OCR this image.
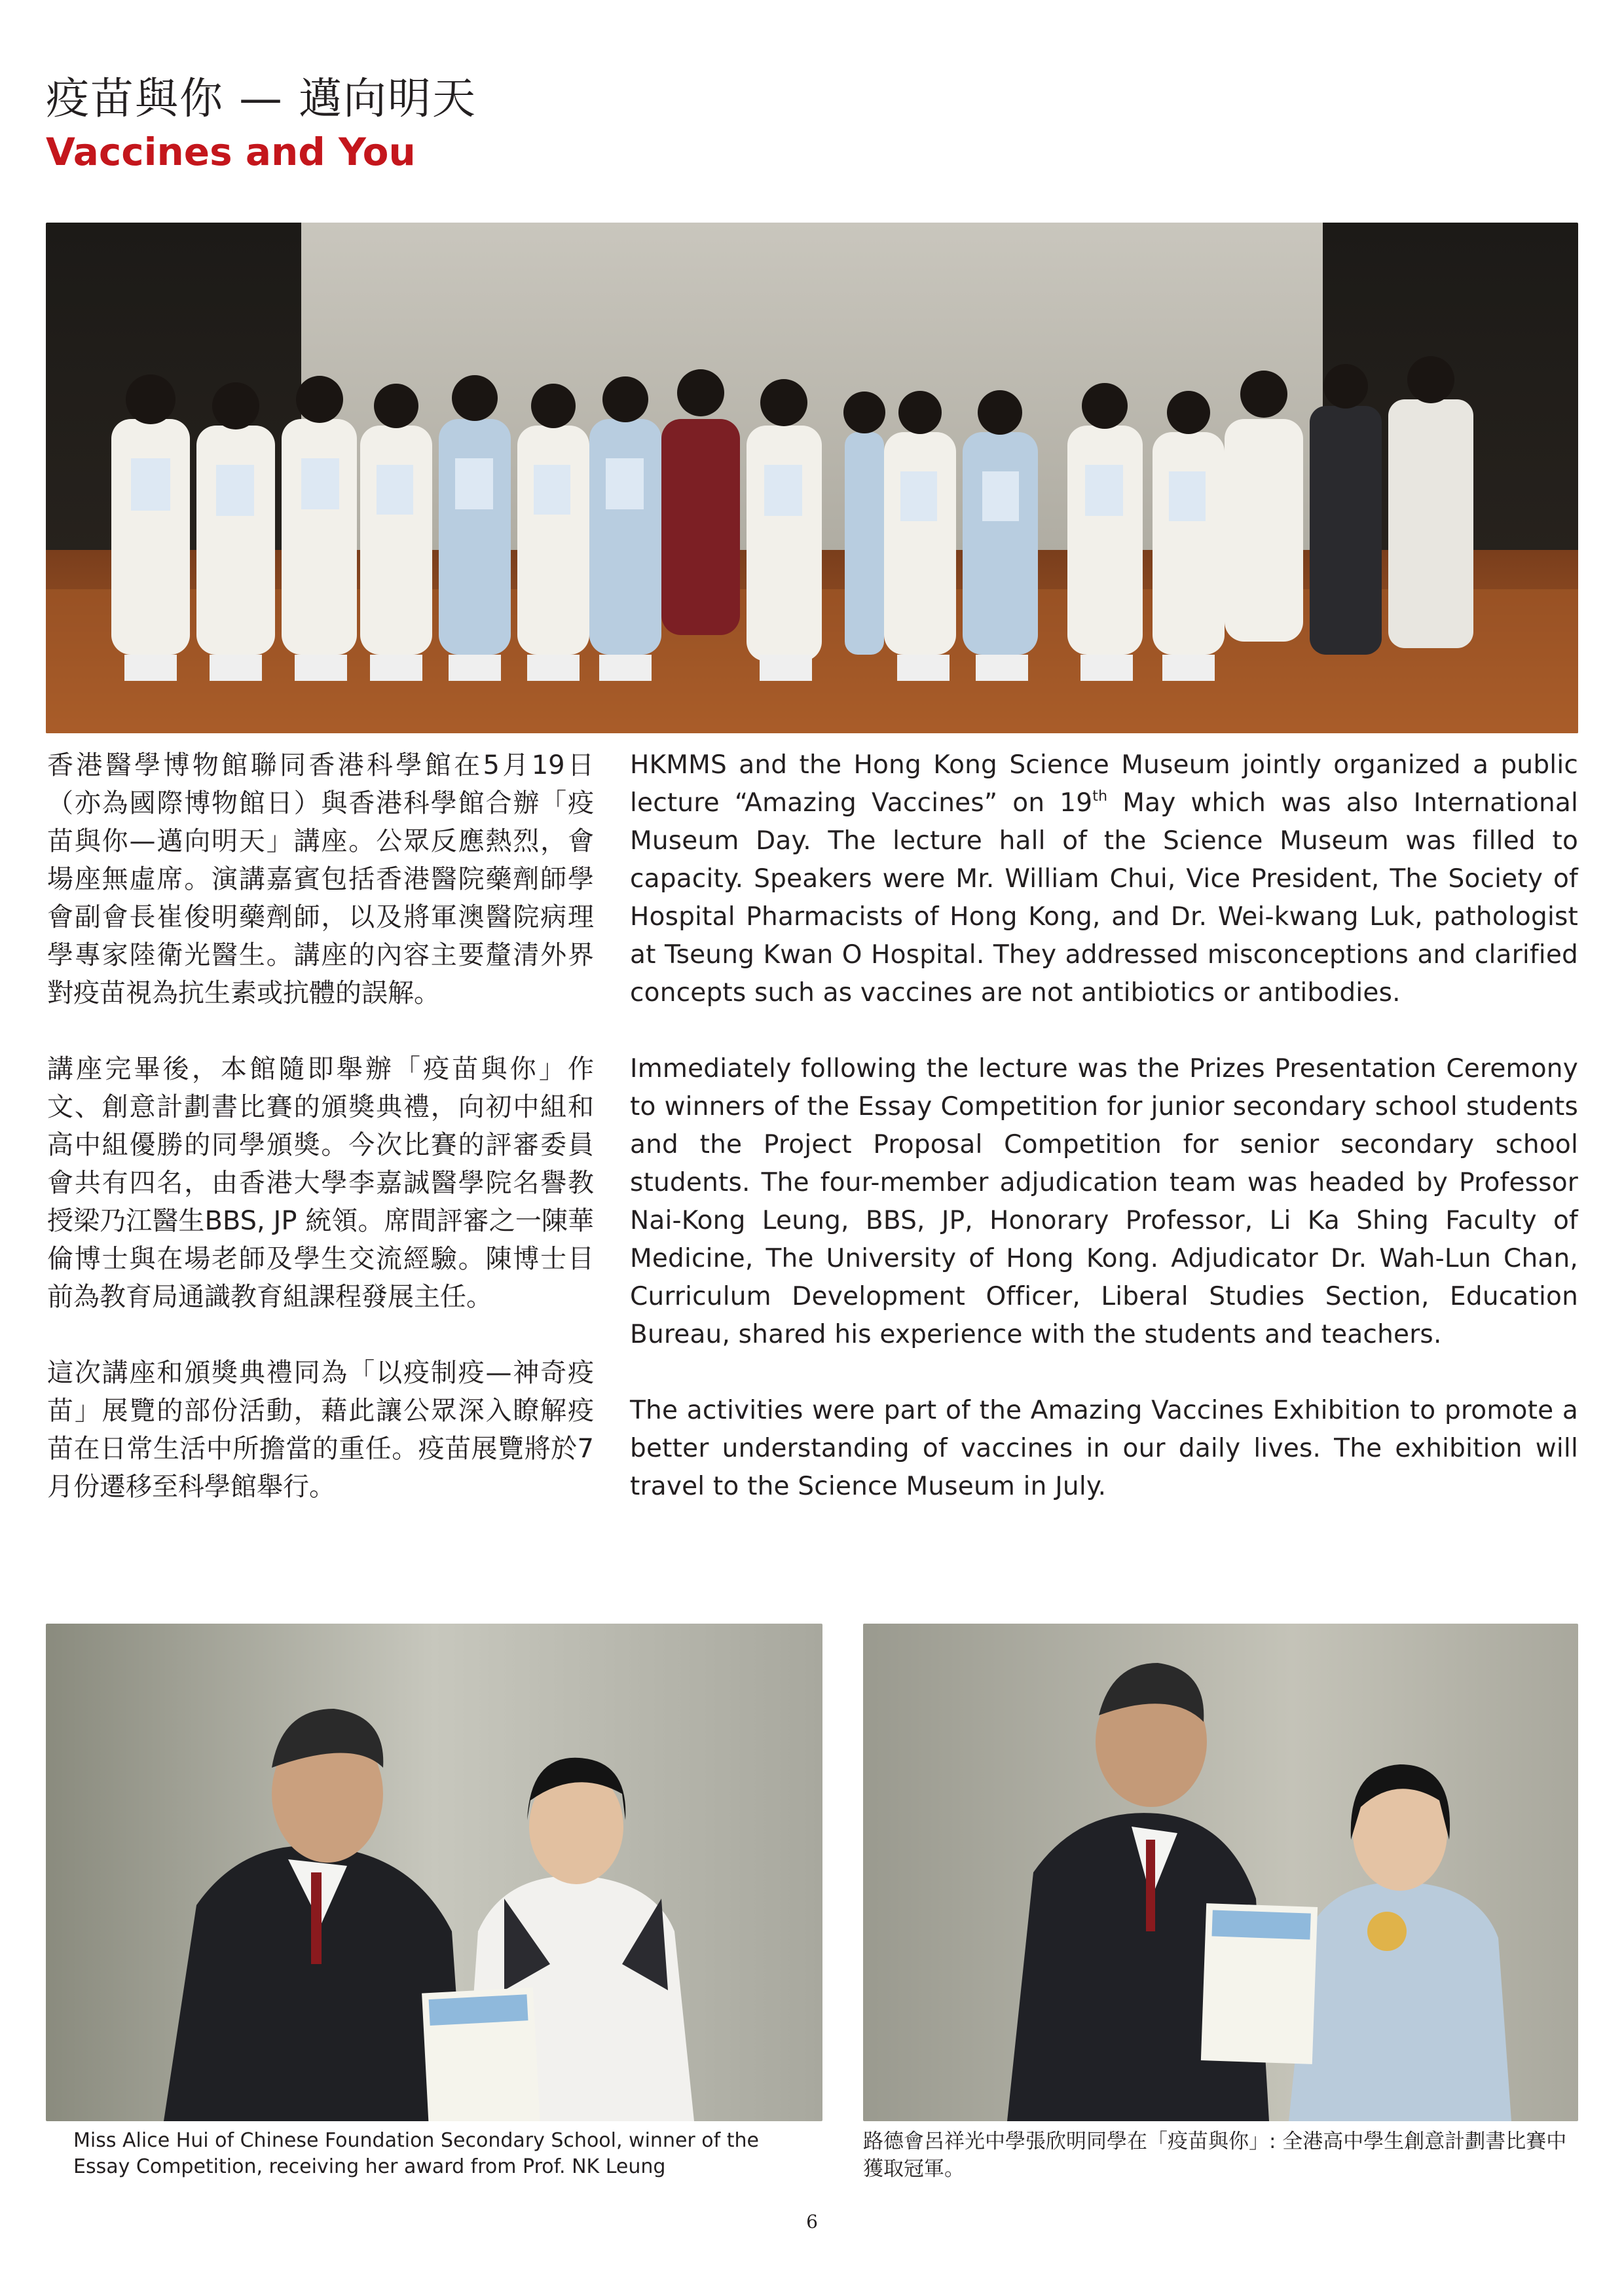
疫苗與你 — 邁向明天
Vaccines and You

香港醫學博物館聯同香港科學館在5月19日（亦為國際博物館日）與香港科學館合辦「疫苗與你—邁向明天」講座。公眾反應熱烈，會場座無虛席。演講嘉賓包括香港醫院藥劑師學會副會長崔俊明藥劑師，以及將軍澳醫院病理學專家陸衛光醫生。講座的內容主要釐清外界對疫苗視為抗生素或抗體的誤解。

講座完畢後，本館隨即舉辦「疫苗與你」作文、創意計劃書比賽的頒獎典禮，向初中組和高中組優勝的同學頒獎。今次比賽的評審委員會共有四名，由香港大學李嘉誠醫學院名譽教授梁乃江醫生BBS, JP 統領。席間評審之一陳華倫博士與在場老師及學生交流經驗。陳博士目前為教育局通識教育組課程發展主任。

這次講座和頒獎典禮同為「以疫制疫—神奇疫苗」展覽的部份活動，藉此讓公眾深入瞭解疫苗在日常生活中所擔當的重任。疫苗展覽將於7月份遷移至科學館舉行。

HKMMS and the Hong Kong Science Museum jointly organized a public lecture “Amazing Vaccines” on 19th May which was also International Museum Day. The lecture hall of the Science Museum was filled to capacity. Speakers were Mr. William Chui, Vice President, The Society of Hospital Pharmacists of Hong Kong, and Dr. Wei-kwang Luk, pathologist at Tseung Kwan O Hospital. They addressed misconceptions and clarified concepts such as vaccines are not antibiotics or antibodies.

Immediately following the lecture was the Prizes Presentation Ceremony to winners of the Essay Competition for junior secondary school students and the Project Proposal Competition for senior secondary school students. The four-member adjudication team was headed by Professor Nai-Kong Leung, BBS, JP, Honorary Professor, Li Ka Shing Faculty of Medicine, The University of Hong Kong. Adjudicator Dr. Wah-Lun Chan, Curriculum Development Officer, Liberal Studies Section, Education Bureau, shared his experience with the students and teachers.

The activities were part of the Amazing Vaccines Exhibition to promote a better understanding of vaccines in our daily lives. The exhibition will travel to the Science Museum in July.

Miss Alice Hui of Chinese Foundation Secondary School, winner of the Essay Competition, receiving her award from Prof. NK Leung
路德會呂祥光中學張欣明同學在「疫苗與你」: 全港高中學生創意計劃書比賽中獲取冠軍。
6
